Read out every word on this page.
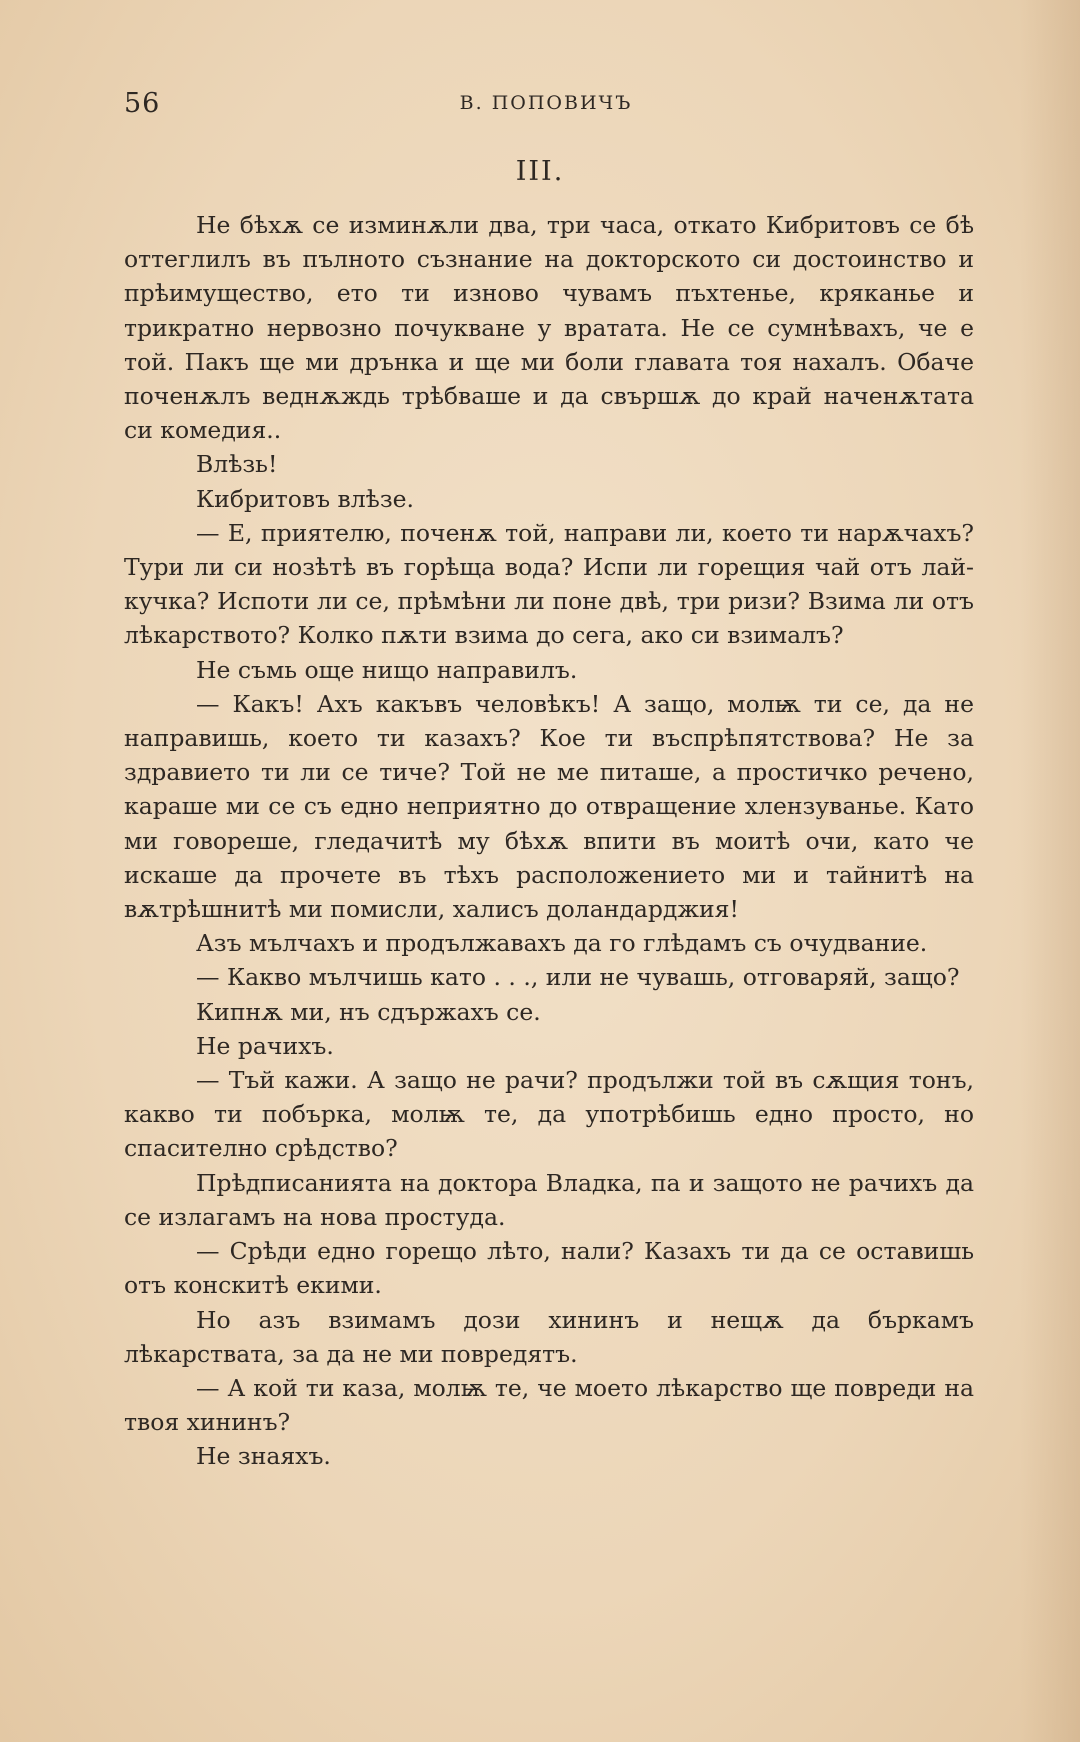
56	В. ПОПОВИЧЪ
III.

Не бѣхѫ се изминѫли два, три часа, откато Кибритовъ се бѣ оттеглилъ въ пълното съзнание на докторското си достоинство и прѣимущество, ето ти изново чувамъ пъхтенье, кряканье и трикратно нервозно почукване у вратата. Не се сумнѣвахъ, че е той. Пакъ ще ми дрънка и ще ми боли главата тоя нахалъ. Обаче поченѫлъ веднѫждь трѣбваше и да свършѫ до край наченѫтата си комедия..

Влѣзь!

Кибритовъ влѣзе.

— Е, приятелю, поченѫ той, направи ли, което ти нарѫчахъ? Тури ли си нозѣтѣ въ горѣща вода? Испи ли горещия чай отъ лай-кучка? Испоти ли се, прѣмѣни ли поне двѣ, три ризи? Взима ли отъ лѣкарството? Колко пѫти взима до сега, ако си взималъ?

Не съмь още нищо направилъ.

— Какъ! Ахъ какъвъ человѣкъ! А защо, молѭ ти се, да не направишь, което ти казахъ? Кое ти въспрѣпятствова? Не за здравието ти ли се тиче? Той не ме питаше, а простичко речено, караше ми се съ едно неприятно до отвращение хлензуванье. Като ми говореше, гледачитѣ му бѣхѫ впити въ моитѣ очи, като че искаше да прочете въ тѣхъ расположението ми и тайнитѣ на вѫтрѣшнитѣ ми помисли, халисъ доландарджия!

Азъ мълчахъ и продължавахъ да го глѣдамъ съ очудвание.

— Какво мълчишь като . . ., или не чувашь, отговаряй, защо?

Кипнѫ ми, нъ сдържахъ се.

Не рачихъ.

— Тъй кажи. А защо не рачи? продължи той въ сѫщия тонъ, какво ти побърка, молѭ те, да употрѣбишь едно просто, но спасително срѣдство?

Прѣдписанията на доктора Владка, па и защото не рачихъ да се излагамъ на нова простуда.

— Срѣди едно горещо лѣто, нали? Казахъ ти да се оставишь отъ конскитѣ екими.

Но азъ взимамъ дози хининъ и нещѫ да бъркамъ лѣкарствата, за да не ми повредятъ.

— А кой ти каза, молѭ те, че моето лѣкарство ще повреди на твоя хининъ?

Не знаяхъ.
